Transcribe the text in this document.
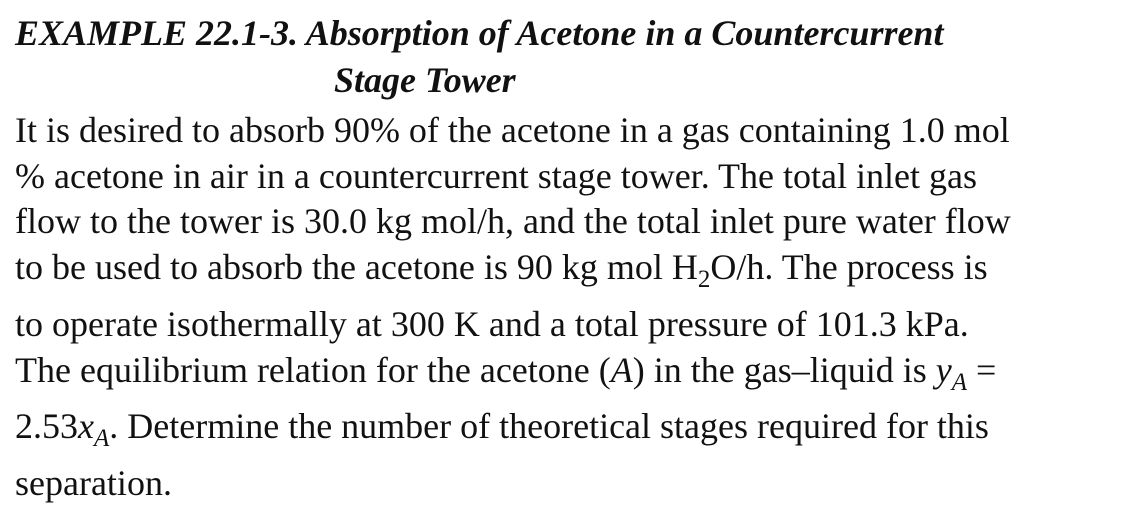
EXAMPLE 22.1-3. Absorption of Acetone in a Countercurrent
Stage Tower
It is desired to absorb 90% of the acetone in a gas containing 1.0 mol
% acetone in air in a countercurrent stage tower. The total inlet gas
flow to the tower is 30.0 kg mol/h, and the total inlet pure water flow
to be used to absorb the acetone is 90 kg mol $H_2O/h$. The process is
to operate isothermally at 300 K and a total pressure of 101.3 kPa.
The equilibrium relation for the acetone (A) in the gas–liquid is $y_A$ =
$2.53x_A$. Determine the number of theoretical stages required for this
separation.
